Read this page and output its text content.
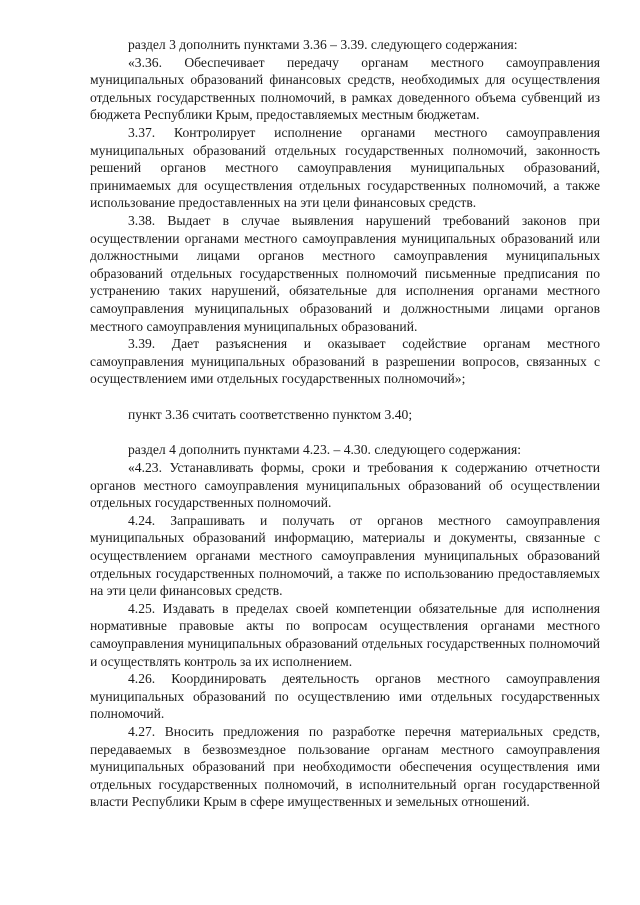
раздел 3 дополнить пунктами 3.36 – 3.39. следующего содержания:

«3.36. Обеспечивает передачу органам местного самоуправления муниципальных образований финансовых средств, необходимых для осуществления отдельных государственных полномочий, в рамках доведенного объема субвенций из бюджета Республики Крым, предоставляемых местным бюджетам.

3.37. Контролирует исполнение органами местного самоуправления муниципальных образований отдельных государственных полномочий, законность решений органов местного самоуправления муниципальных образований, принимаемых для осуществления отдельных государственных полномочий, а также использование предоставленных на эти цели финансовых средств.

3.38. Выдает в случае выявления нарушений требований законов при осуществлении органами местного самоуправления муниципальных образований или должностными лицами органов местного самоуправления муниципальных образований отдельных государственных полномочий письменные предписания по устранению таких нарушений, обязательные для исполнения органами местного самоуправления муниципальных образований и должностными лицами органов местного самоуправления муниципальных образований.

3.39. Дает разъяснения и оказывает содействие органам местного самоуправления муниципальных образований в разрешении вопросов, связанных с осуществлением ими отдельных государственных полномочий»;

пункт 3.36 считать соответственно пунктом 3.40;

раздел 4 дополнить пунктами 4.23. – 4.30. следующего содержания:

«4.23. Устанавливать формы, сроки и требования к содержанию отчетности органов местного самоуправления муниципальных образований об осуществлении отдельных государственных полномочий.

4.24. Запрашивать и получать от органов местного самоуправления муниципальных образований информацию, материалы и документы, связанные с осуществлением органами местного самоуправления муниципальных образований отдельных государственных полномочий, а также по использованию предоставляемых на эти цели финансовых средств.

4.25. Издавать в пределах своей компетенции обязательные для исполнения нормативные правовые акты по вопросам осуществления органами местного самоуправления муниципальных образований отдельных государственных полномочий и осуществлять контроль за их исполнением.

4.26. Координировать деятельность органов местного самоуправления муниципальных образований по осуществлению ими отдельных государственных полномочий.

4.27. Вносить предложения по разработке перечня материальных средств, передаваемых в безвозмездное пользование органам местного самоуправления муниципальных образований при необходимости обеспечения осуществления ими отдельных государственных полномочий, в исполнительный орган государственной власти Республики Крым в сфере имущественных и земельных отношений.
